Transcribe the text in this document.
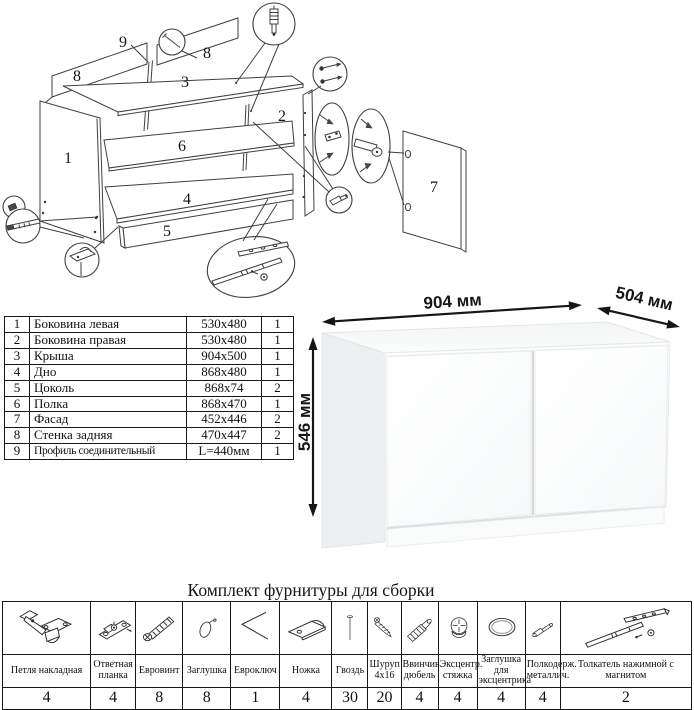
1
2
3
4
5
6
7
8
8
9
904 мм	504 мм
546 мм
1	Боковина левая	530x480	1
2	Боковина правая	530x480	1
3	Крыша	904x500	1
4	Дно	868x480	1
5	Цоколь	868x74	2
6	Полка	868x470	1
7	Фасад	452x446	2
8	Стенка задняя	470x447	2
9	Профиль соединительный	L=440мм	1
Комплект фурнитуры для сборки

Петля накладная	Ответная планка	Евровинт	Заглушка	Евроключ	Ножка	Гвоздь	Шуруп 4x16	Ввинчив. дюбель	Эксцентр. стяжка	Заглушка для эксцентрика	Полкодерж. металлич.	Толкатель нажимной с магнитом
4	4	8	8	1	4	30	20	4	4	4	4	2
